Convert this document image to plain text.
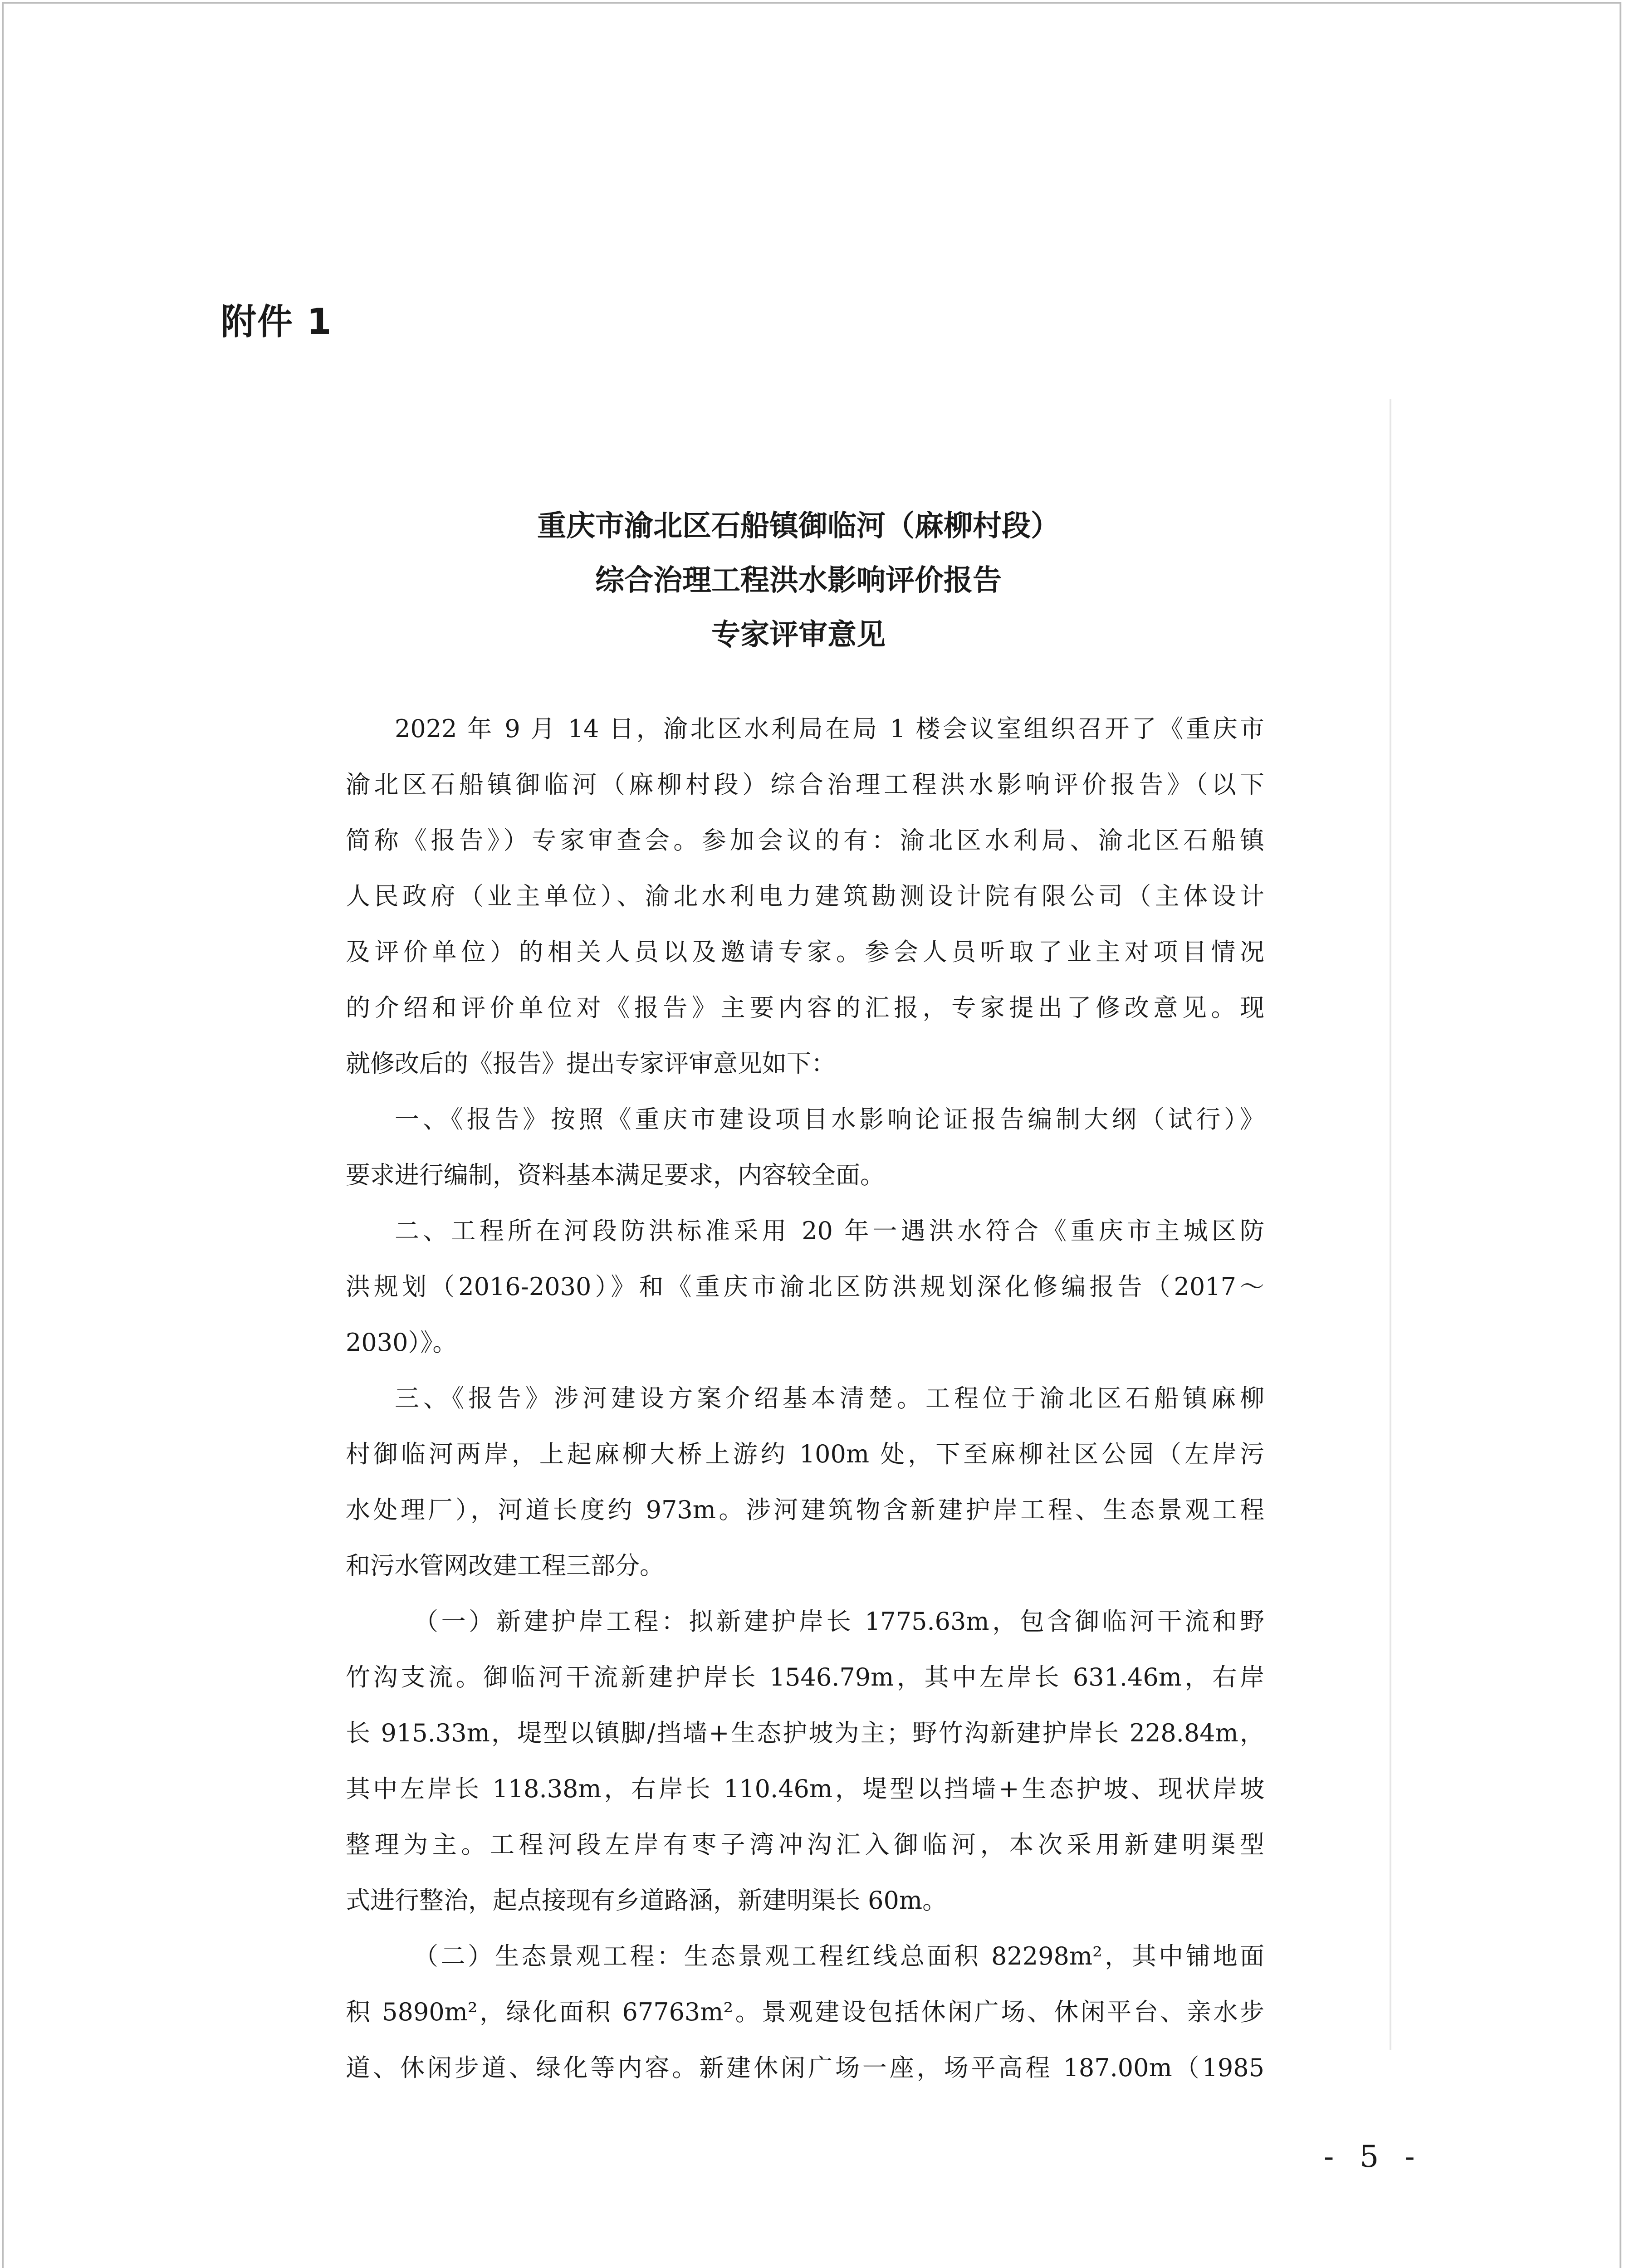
附件 1
重庆市渝北区石船镇御临河（麻柳村段）
综合治理工程洪水影响评价报告
专家评审意见
2022 年 9 月 14 日，渝北区水利局在局 1 楼会议室组织召开了《重庆市
渝北区石船镇御临河（麻柳村段）综合治理工程洪水影响评价报告》（以下
简称《报告》）专家审查会。参加会议的有：渝北区水利局、渝北区石船镇
人民政府（业主单位）、渝北水利电力建筑勘测设计院有限公司（主体设计
及评价单位）的相关人员以及邀请专家。参会人员听取了业主对项目情况
的介绍和评价单位对《报告》主要内容的汇报，专家提出了修改意见。现
就修改后的《报告》提出专家评审意见如下：
一、《报告》按照《重庆市建设项目水影响论证报告编制大纲（试行）》
要求进行编制，资料基本满足要求，内容较全面。
二、工程所在河段防洪标准采用 20 年一遇洪水符合《重庆市主城区防
洪规划（2016-2030）》和《重庆市渝北区防洪规划深化修编报告（2017～
2030）》。
三、《报告》涉河建设方案介绍基本清楚。工程位于渝北区石船镇麻柳
村御临河两岸，上起麻柳大桥上游约 100m 处，下至麻柳社区公园（左岸污
水处理厂），河道长度约 973m。涉河建筑物含新建护岸工程、生态景观工程
和污水管网改建工程三部分。
（一）新建护岸工程：拟新建护岸长 1775.63m，包含御临河干流和野
竹沟支流。御临河干流新建护岸长 1546.79m，其中左岸长 631.46m，右岸
长 915.33m，堤型以镇脚/挡墙+生态护坡为主；野竹沟新建护岸长 228.84m，
其中左岸长 118.38m，右岸长 110.46m，堤型以挡墙+生态护坡、现状岸坡
整理为主。工程河段左岸有枣子湾冲沟汇入御临河，本次采用新建明渠型
式进行整治，起点接现有乡道路涵，新建明渠长 60m。
（二）生态景观工程：生态景观工程红线总面积 82298m²，其中铺地面
积 5890m²，绿化面积 67763m²。景观建设包括休闲广场、休闲平台、亲水步
道、休闲步道、绿化等内容。新建休闲广场一座，场平高程 187.00m（1985
- 5 -
